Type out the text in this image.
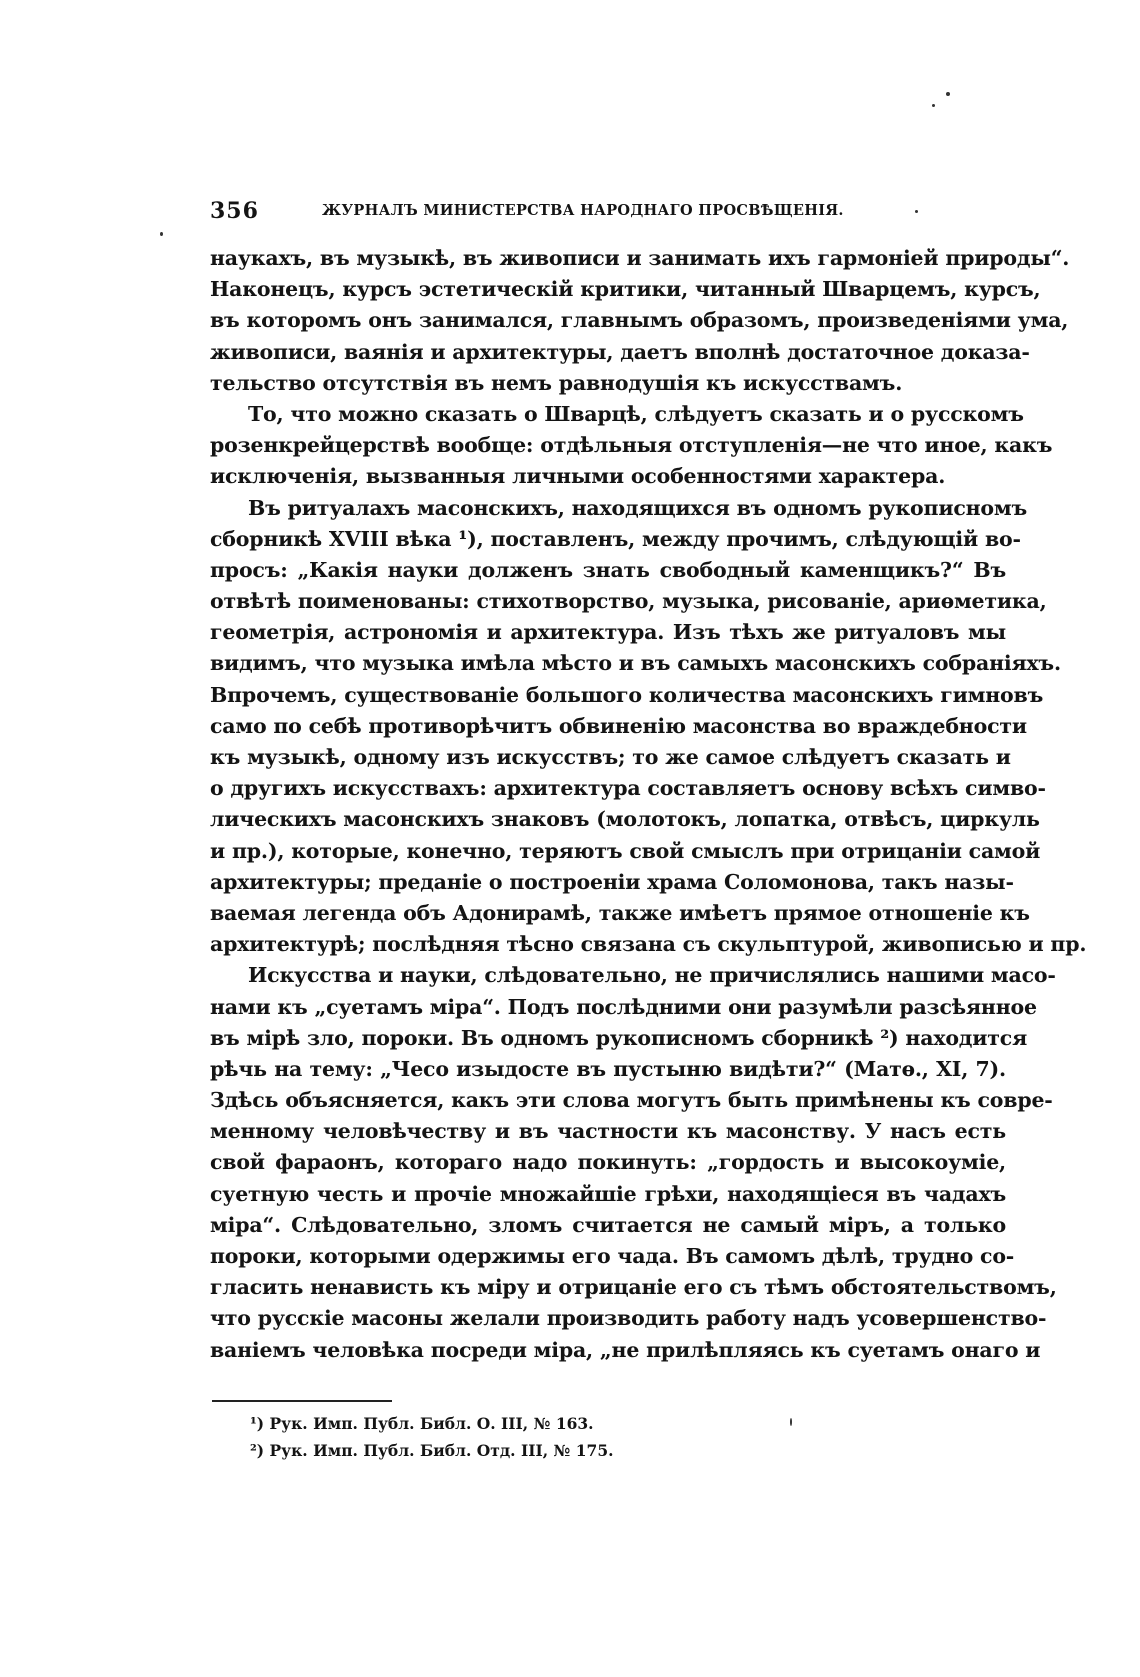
356	ЖУРНАЛЪ МИНИСТЕРСТВА НАРОДНАГО ПРОСВѢЩЕНІЯ.
наукахъ, въ музыкѣ, въ живописи и занимать ихъ гармоніей природы“.
Наконецъ, курсъ эстетическій критики, читанный Шварцемъ, курсъ,
въ которомъ онъ занимался, главнымъ образомъ, произведеніями ума,
живописи, ваянія и архитектуры, даетъ вполнѣ достаточное доказа-
тельство отсутствія въ немъ равнодушія къ искусствамъ.
То, что можно сказать о Шварцѣ, слѣдуетъ сказать и о русскомъ
розенкрейцерствѣ вообще: отдѣльныя отступленія—не что иное, какъ
исключенія, вызванныя личными особенностями характера.
Въ ритуалахъ масонскихъ, находящихся въ одномъ рукописномъ
сборникѣ XVIII вѣка ¹), поставленъ, между прочимъ, слѣдующій во-
просъ: „Какія науки долженъ знать свободный каменщикъ?“ Въ
отвѣтѣ поименованы: стихотворство, музыка, рисованіе, ариѳметика,
геометрія, астрономія и архитектура. Изъ тѣхъ же ритуаловъ мы
видимъ, что музыка имѣла мѣсто и въ самыхъ масонскихъ собраніяхъ.
Впрочемъ, существованіе большого количества масонскихъ гимновъ
само по себѣ противорѣчитъ обвиненію масонства во враждебности
къ музыкѣ, одному изъ искусствъ; то же самое слѣдуетъ сказать и
о другихъ искусствахъ: архитектура составляетъ основу всѣхъ симво-
лическихъ масонскихъ знаковъ (молотокъ, лопатка, отвѣсъ, циркуль
и пр.), которые, конечно, теряютъ свой смыслъ при отрицаніи самой
архитектуры; преданіе о построеніи храма Соломонова, такъ назы-
ваемая легенда объ Адонирамѣ, также имѣетъ прямое отношеніе къ
архитектурѣ; послѣдняя тѣсно связана съ скульптурой, живописью и пр.
Искусства и науки, слѣдовательно, не причислялись нашими масо-
нами къ „суетамъ міра“. Подъ послѣдними они разумѣли разсѣянное
въ мірѣ зло, пороки. Въ одномъ рукописномъ сборникѣ ²) находится
рѣчь на тему: „Чесо изыдосте въ пустыню видѣти?“ (Матѳ., XI, 7).
Здѣсь объясняется, какъ эти слова могутъ быть примѣнены къ совре-
менному человѣчеству и въ частности къ масонству. У насъ есть
свой фараонъ, котораго надо покинуть: „гордость и высокоуміе,
суетную честь и прочіе множайшіе грѣхи, находящіеся въ чадахъ
міра“. Слѣдовательно, зломъ считается не самый міръ, а только
пороки, которыми одержимы его чада. Въ самомъ дѣлѣ, трудно со-
гласить ненависть къ міру и отрицаніе его съ тѣмъ обстоятельствомъ,
что русскіе масоны желали производить работу надъ усовершенство-
ваніемъ человѣка посреди міра, „не прилѣпляясь къ суетамъ онаго и
¹) Рук. Имп. Публ. Библ. О. III, № 163.
²) Рук. Имп. Публ. Библ. Отд. III, № 175.
